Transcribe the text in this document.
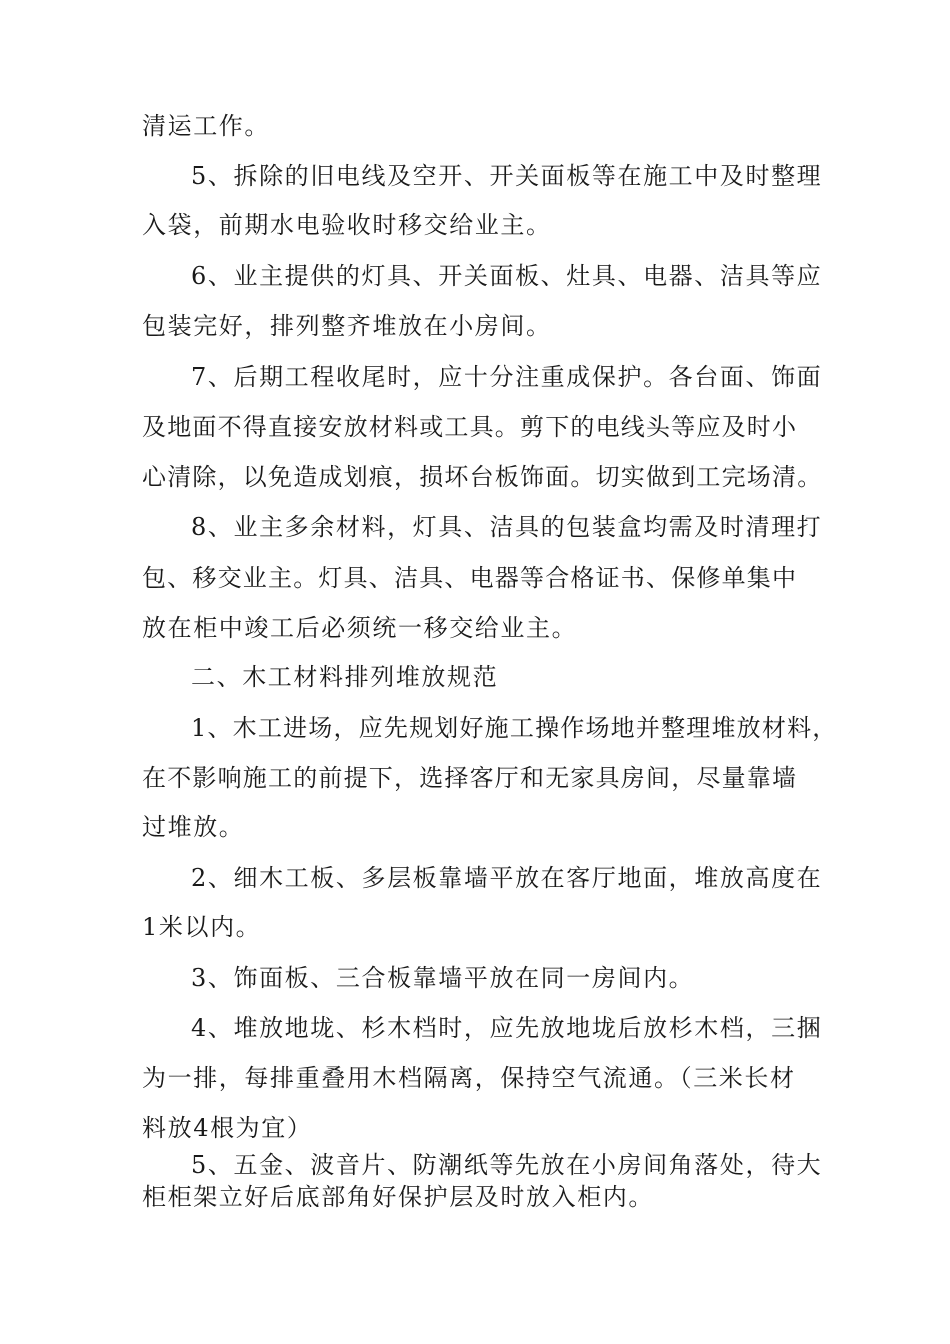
清运工作。
5、拆除的旧电线及空开、开关面板等在施工中及时整理
入袋，前期水电验收时移交给业主。
6、业主提供的灯具、开关面板、灶具、电器、洁具等应
包装完好，排列整齐堆放在小房间。
7、后期工程收尾时，应十分注重成保护。各台面、饰面
及地面不得直接安放材料或工具。剪下的电线头等应及时小
心清除，以免造成划痕，损坏台板饰面。切实做到工完场清。
8、业主多余材料，灯具、洁具的包装盒均需及时清理打
包、移交业主。灯具、洁具、电器等合格证书、保修单集中
放在柜中竣工后必须统一移交给业主。
二、木工材料排列堆放规范
1、木工进场，应先规划好施工操作场地并整理堆放材料，
在不影响施工的前提下，选择客厅和无家具房间，尽量靠墙
过堆放。
2、细木工板、多层板靠墙平放在客厅地面，堆放高度在
1米以内。
3、饰面板、三合板靠墙平放在同一房间内。
4、堆放地垅、杉木档时，应先放地垅后放杉木档，三捆
为一排，每排重叠用木档隔离，保持空气流通。（三米长材
料放4根为宜）
5、五金、波音片、防潮纸等先放在小房间角落处，待大
柜柜架立好后底部角好保护层及时放入柜内。
